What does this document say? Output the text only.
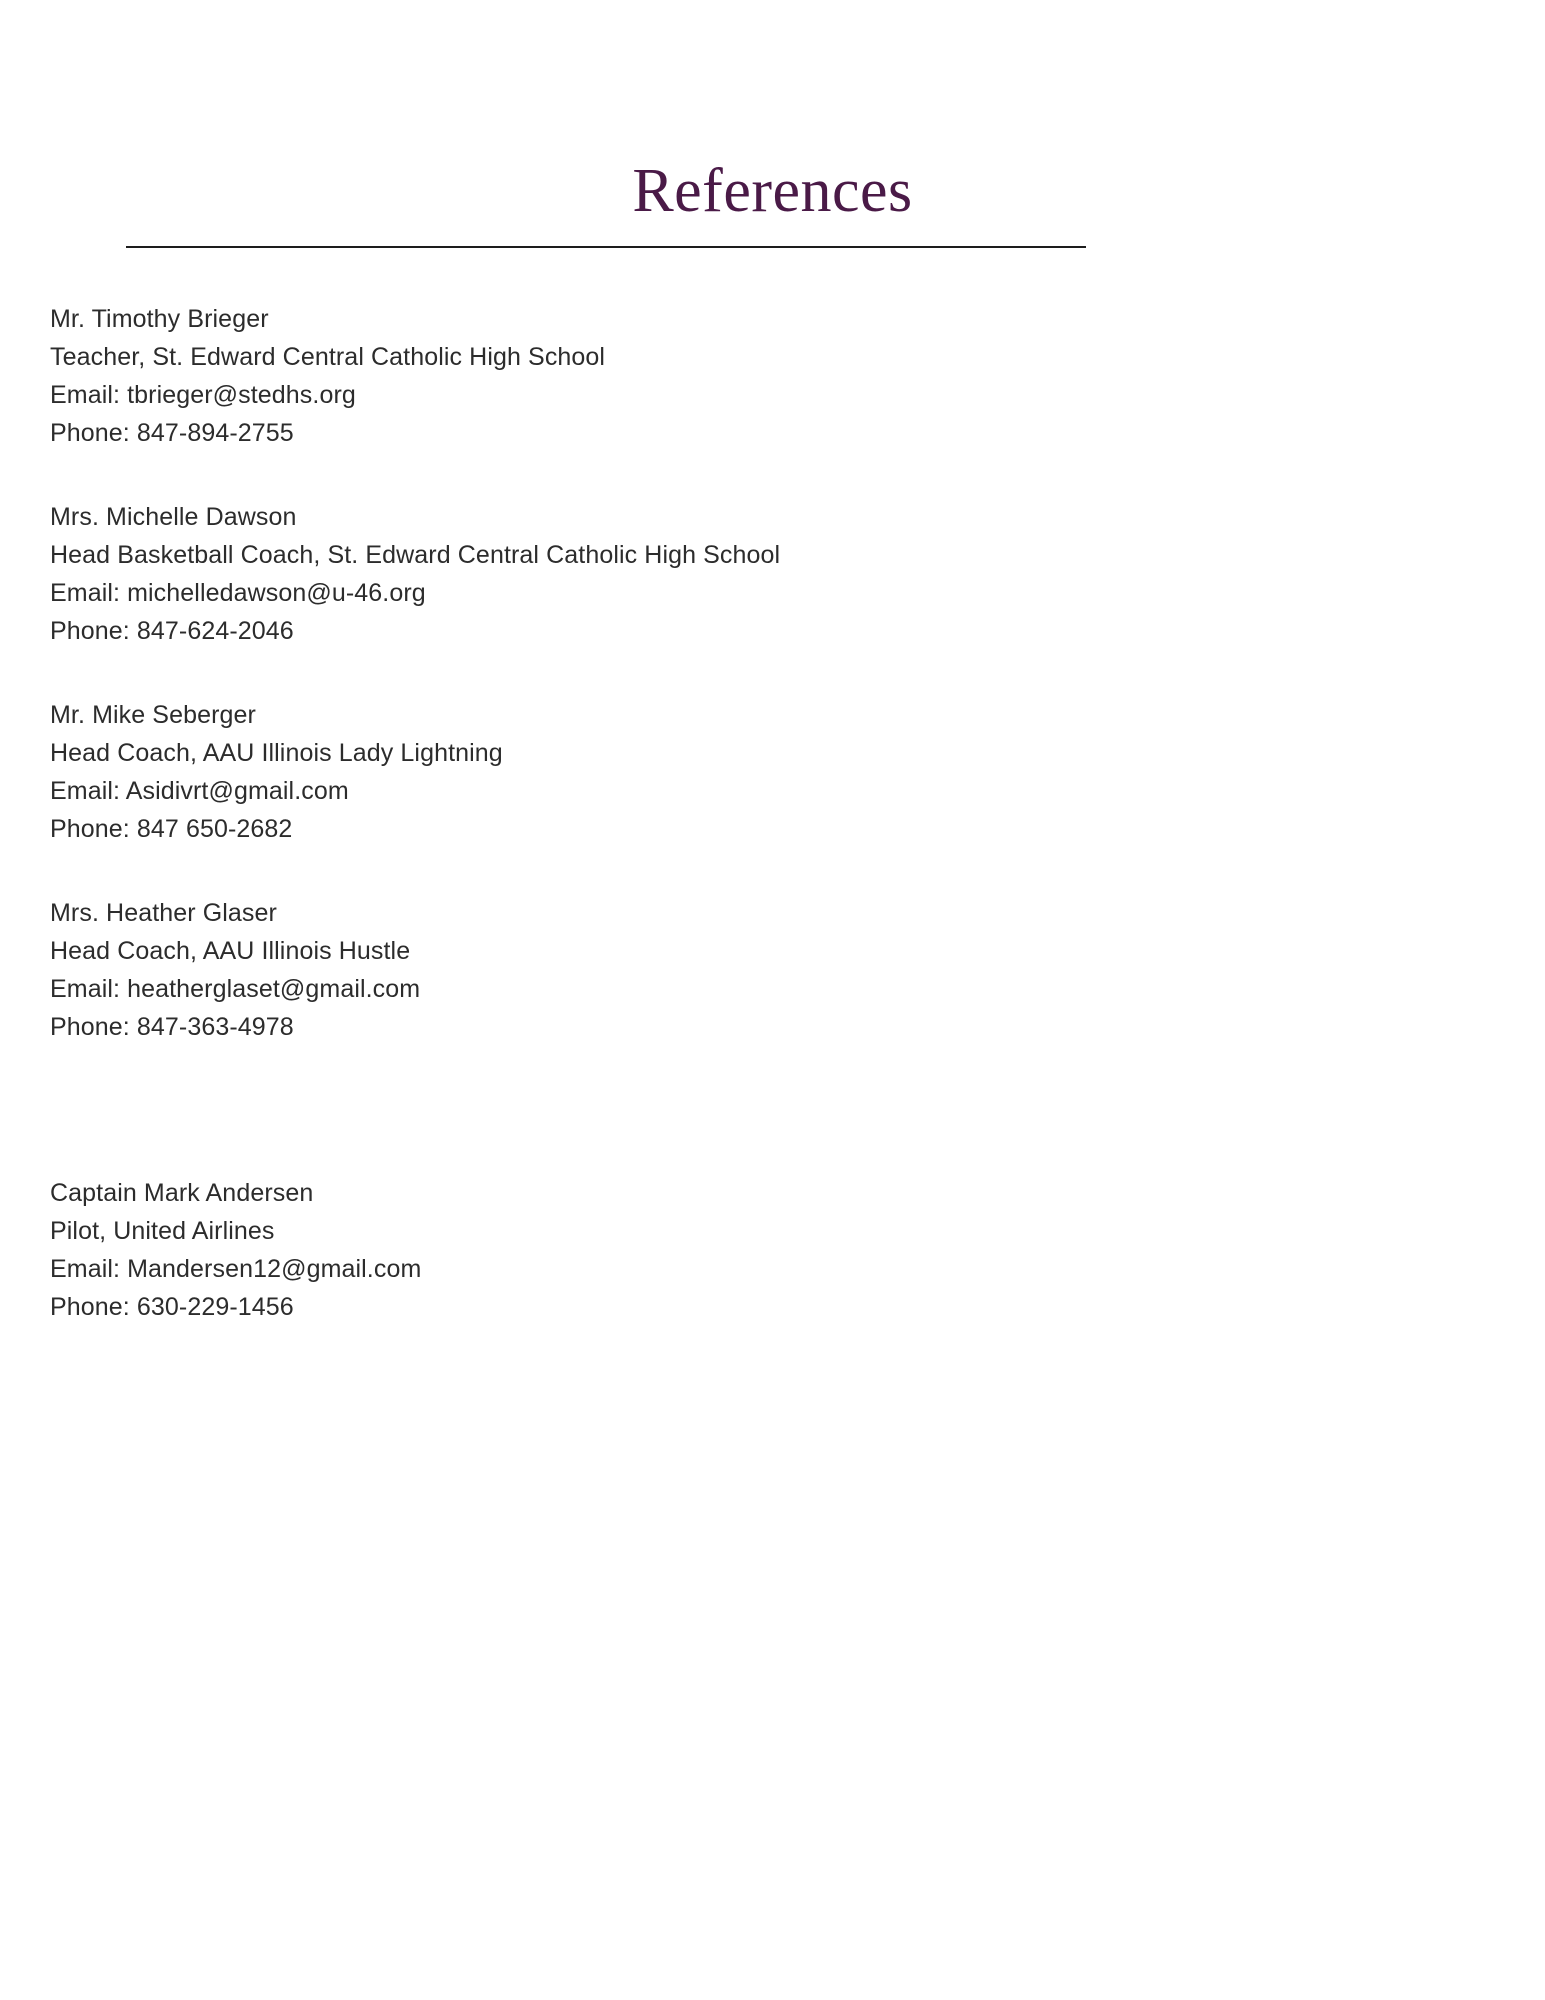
References
Mr. Timothy Brieger
Teacher, St. Edward Central Catholic High School
Email: tbrieger@stedhs.org
Phone: 847-894-2755
Mrs. Michelle Dawson
Head Basketball Coach, St. Edward Central Catholic High School
Email: michelledawson@u-46.org
Phone: 847-624-2046
Mr. Mike Seberger
Head Coach, AAU Illinois Lady Lightning
Email: Asidivrt@gmail.com
Phone: 847 650-2682
Mrs. Heather Glaser
Head Coach, AAU Illinois Hustle
Email: heatherglaset@gmail.com
Phone: 847-363-4978
Captain Mark Andersen
Pilot, United Airlines
Email: Mandersen12@gmail.com
Phone: 630-229-1456
